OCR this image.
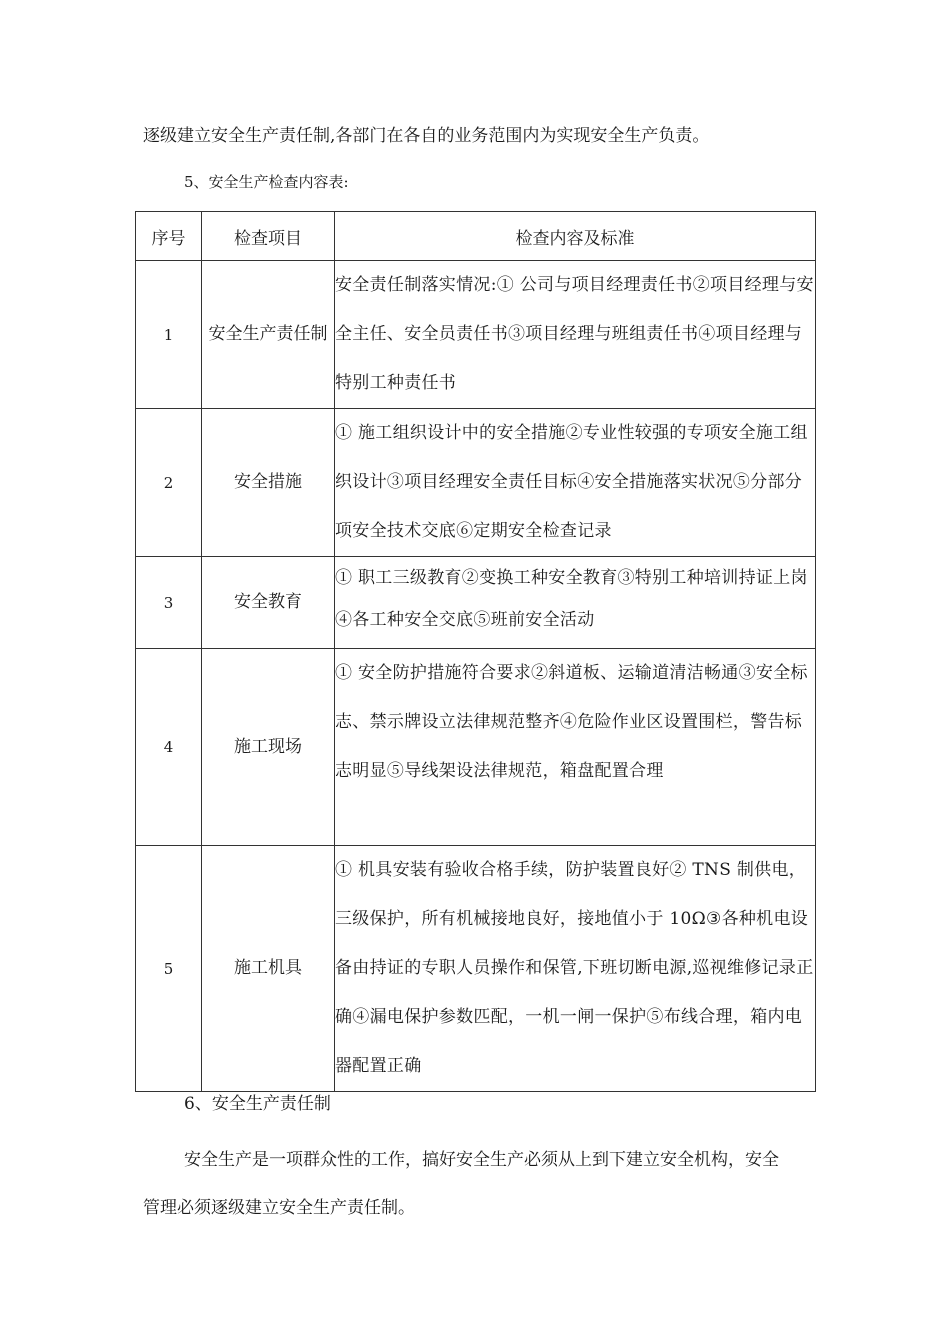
逐级建立安全生产责任制,各部门在各自的业务范围内为实现安全生产负责。
5、安全生产检查内容表:
序号	检查项目	检查内容及标准
1	安全生产责任制	安全责任制落实情况:① 公司与项目经理责任书②项目经理与安全主任、安全员责任书③项目经理与班组责任书④项目经理与特别工种责任书

2	安全措施	① 施工组织设计中的安全措施②专业性较强的专项安全施工组织设计③项目经理安全责任目标④安全措施落实状况⑤分部分项安全技术交底⑥定期安全检查记录

3	安全教育	① 职工三级教育②变换工种安全教育③特别工种培训持证上岗④各工种安全交底⑤班前安全活动

4	施工现场	① 安全防护措施符合要求②斜道板、运输道清洁畅通③安全标志、禁示牌设立法律规范整齐④危险作业区设置围栏，警告标志明显⑤导线架设法律规范，箱盘配置合理

5	施工机具	① 机具安装有验收合格手续，防护装置良好② TNS 制供电，三级保护，所有机械接地良好，接地值小于 10Ω③各种机电设备由持证的专职人员操作和保管,下班切断电源,巡视维修记录正确④漏电保护参数匹配，一机一闸一保护⑤布线合理，箱内电器配置正确
6、安全生产责任制
安全生产是一项群众性的工作，搞好安全生产必须从上到下建立安全机构，安全管理必须逐级建立安全生产责任制。
